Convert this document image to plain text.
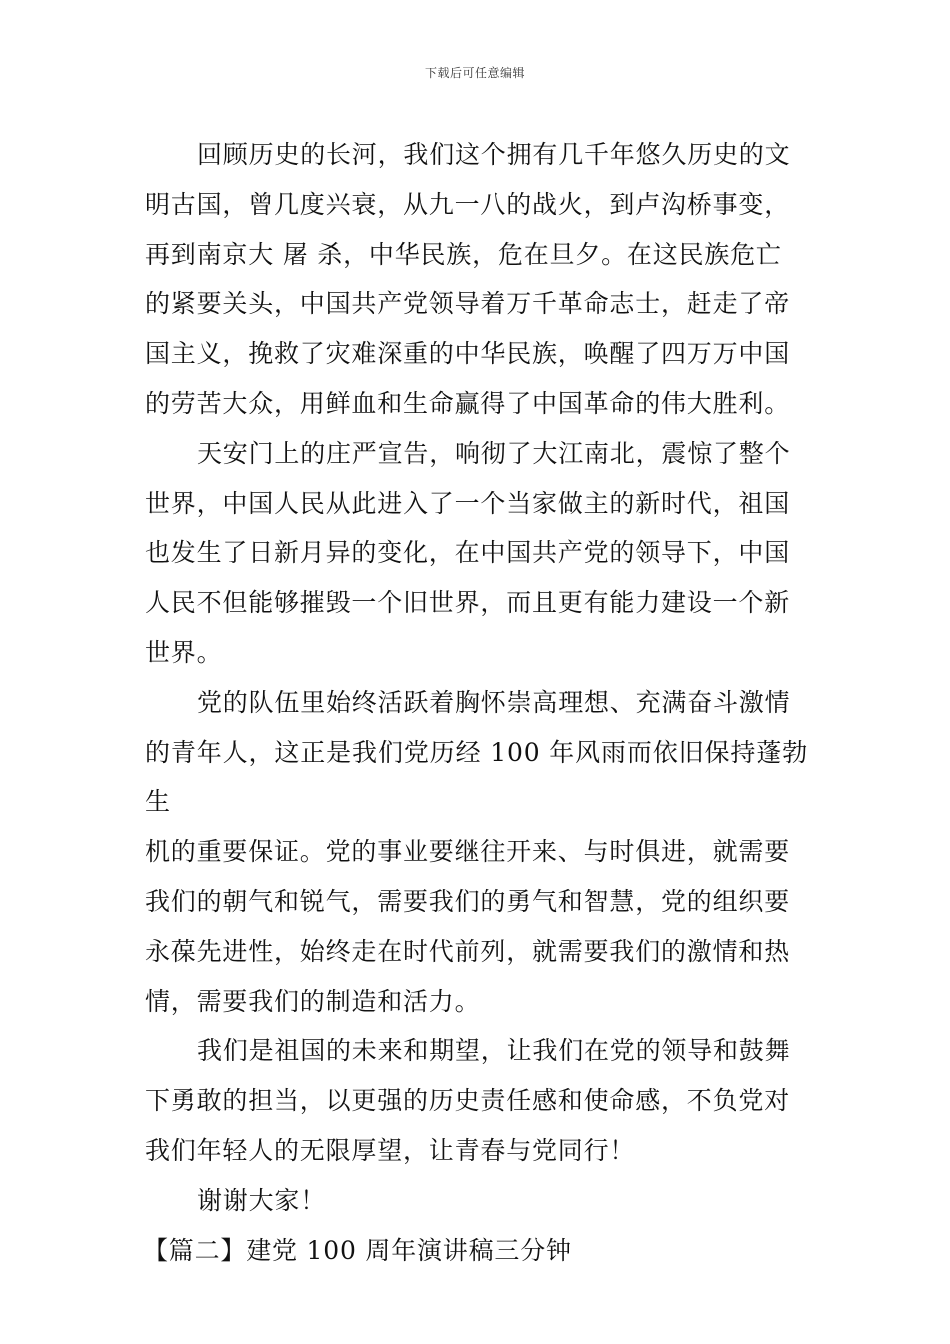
下载后可任意编辑

回顾历史的长河，我们这个拥有几千年悠久历史的文
明古国，曾几度兴衰，从九一八的战火，到卢沟桥事变，
再到南京大 屠 杀，中华民族，危在旦夕。在这民族危亡
的紧要关头，中国共产党领导着万千革命志士，赶走了帝
国主义，挽救了灾难深重的中华民族，唤醒了四万万中国
的劳苦大众，用鲜血和生命赢得了中国革命的伟大胜利。

天安门上的庄严宣告，响彻了大江南北，震惊了整个
世界，中国人民从此进入了一个当家做主的新时代，祖国
也发生了日新月异的变化，在中国共产党的领导下，中国
人民不但能够摧毁一个旧世界，而且更有能力建设一个新
世界。

党的队伍里始终活跃着胸怀崇高理想、充满奋斗激情
的青年人，这正是我们党历经 100 年风雨而依旧保持蓬勃生
机的重要保证。党的事业要继往开来、与时俱进，就需要
我们的朝气和锐气，需要我们的勇气和智慧，党的组织要
永葆先进性，始终走在时代前列，就需要我们的激情和热
情，需要我们的制造和活力。

我们是祖国的未来和期望，让我们在党的领导和鼓舞
下勇敢的担当，以更强的历史责任感和使命感，不负党对
我们年轻人的无限厚望，让青春与党同行！

谢谢大家！

【篇二】建党 100 周年演讲稿三分钟
